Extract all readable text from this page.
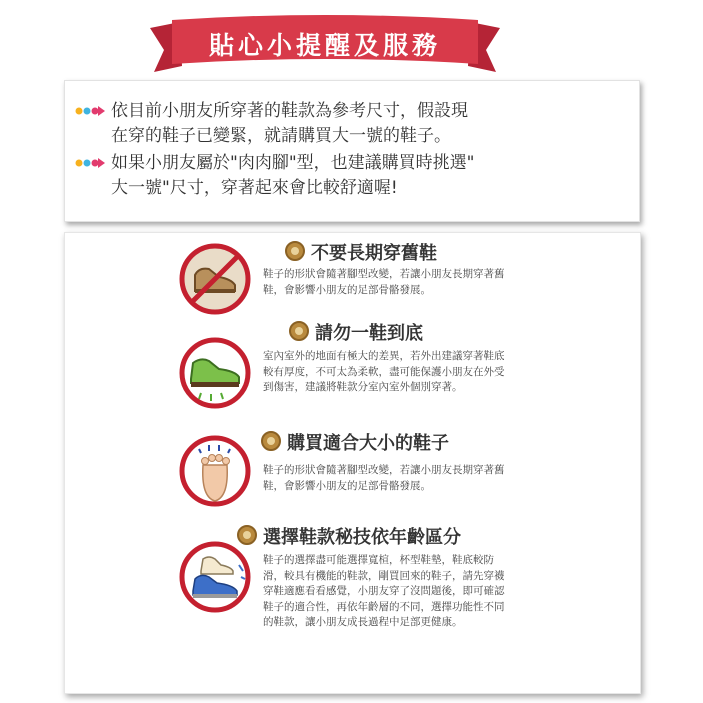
貼心小提醒及服務
依目前小朋友所穿著的鞋款為參考尺寸，假設現
在穿的鞋子已變緊，就請購買大一號的鞋子。
如果小朋友屬於"肉肉腳"型，也建議購買時挑選"
大一號"尺寸，穿著起來會比較舒適喔!
不要長期穿舊鞋
鞋子的形狀會隨著腳型改變，若讓小朋友長期穿著舊鞋，會影響小朋友的足部骨骼發展。
請勿一鞋到底
室內室外的地面有極大的差異，若外出建議穿著鞋底較有厚度，不可太為柔軟，盡可能保護小朋友在外受到傷害，建議將鞋款分室內室外個別穿著。
購買適合大小的鞋子
鞋子的形狀會隨著腳型改變，若讓小朋友長期穿著舊鞋，會影響小朋友的足部骨骼發展。
選擇鞋款秘技依年齡區分
鞋子的選擇盡可能選擇寬楦，杯型鞋墊，鞋底較防滑，較具有機能的鞋款，剛買回來的鞋子，請先穿襪穿鞋適應看看感覺，小朋友穿了沒問題後，即可確認鞋子的適合性，再依年齡層的不同，選擇功能性不同的鞋款，讓小朋友成長過程中足部更健康。
